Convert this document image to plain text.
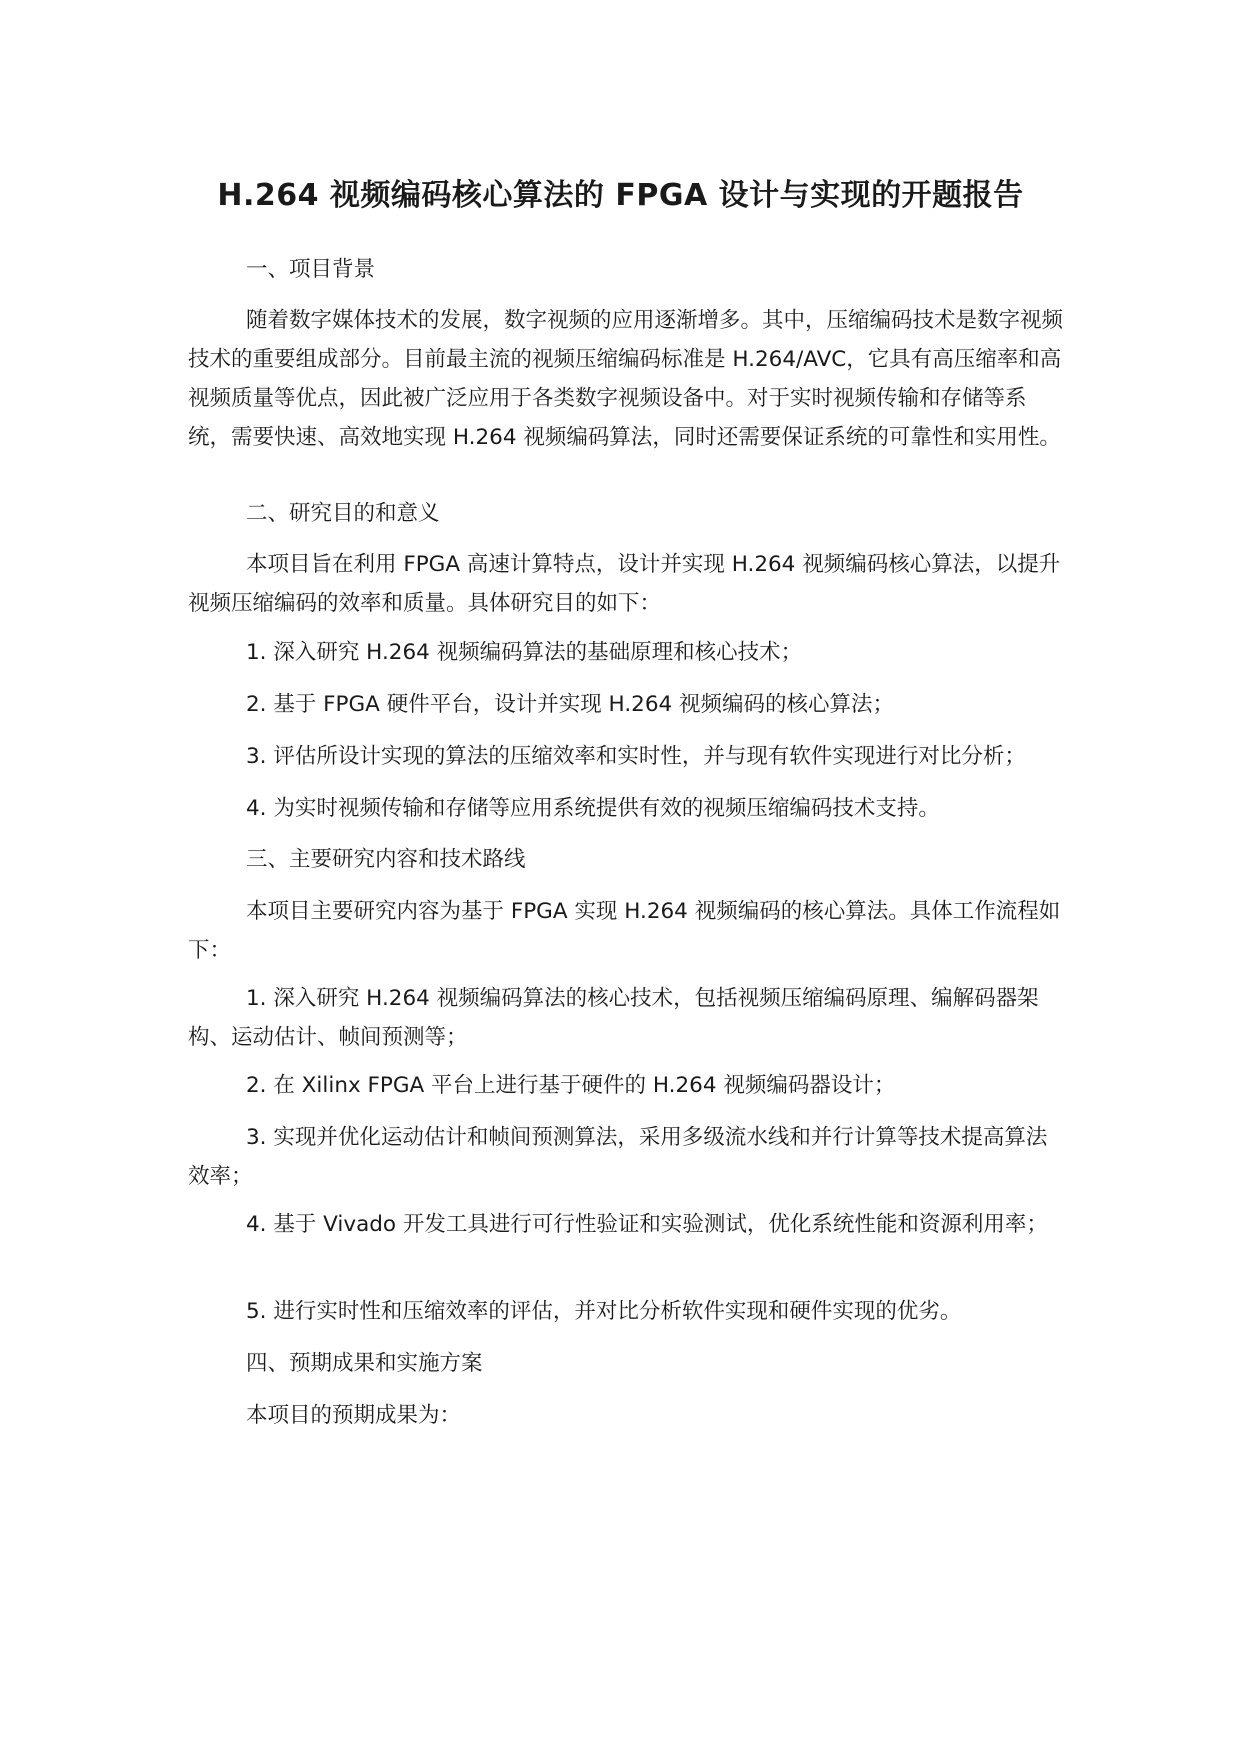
H.264 视频编码核心算法的 FPGA 设计与实现的开题报告
一、项目背景

随着数字媒体技术的发展，数字视频的应用逐渐增多。其中，压缩编码技术是数字视频技术的重要组成部分。目前最主流的视频压缩编码标准是 H.264/AVC，它具有高压缩率和高视频质量等优点，因此被广泛应用于各类数字视频设备中。对于实时视频传输和存储等系统，需要快速、高效地实现 H.264 视频编码算法，同时还需要保证系统的可靠性和实用性。

二、研究目的和意义

本项目旨在利用 FPGA 高速计算特点，设计并实现 H.264 视频编码核心算法，以提升视频压缩编码的效率和质量。具体研究目的如下：

1. 深入研究 H.264 视频编码算法的基础原理和核心技术；
2. 基于 FPGA 硬件平台，设计并实现 H.264 视频编码的核心算法；
3. 评估所设计实现的算法的压缩效率和实时性，并与现有软件实现进行对比分析；
4. 为实时视频传输和存储等应用系统提供有效的视频压缩编码技术支持。
三、主要研究内容和技术路线

本项目主要研究内容为基于 FPGA 实现 H.264 视频编码的核心算法。具体工作流程如下：

1. 深入研究 H.264 视频编码算法的核心技术，包括视频压缩编码原理、编解码器架构、运动估计、帧间预测等；

2. 在 Xilinx FPGA 平台上进行基于硬件的 H.264 视频编码器设计；

3. 实现并优化运动估计和帧间预测算法，采用多级流水线和并行计算等技术提高算法效率；

4. 基于 Vivado 开发工具进行可行性验证和实验测试，优化系统性能和资源利用率；

5. 进行实时性和压缩效率的评估，并对比分析软件实现和硬件实现的优劣。
四、预期成果和实施方案
本项目的预期成果为：
